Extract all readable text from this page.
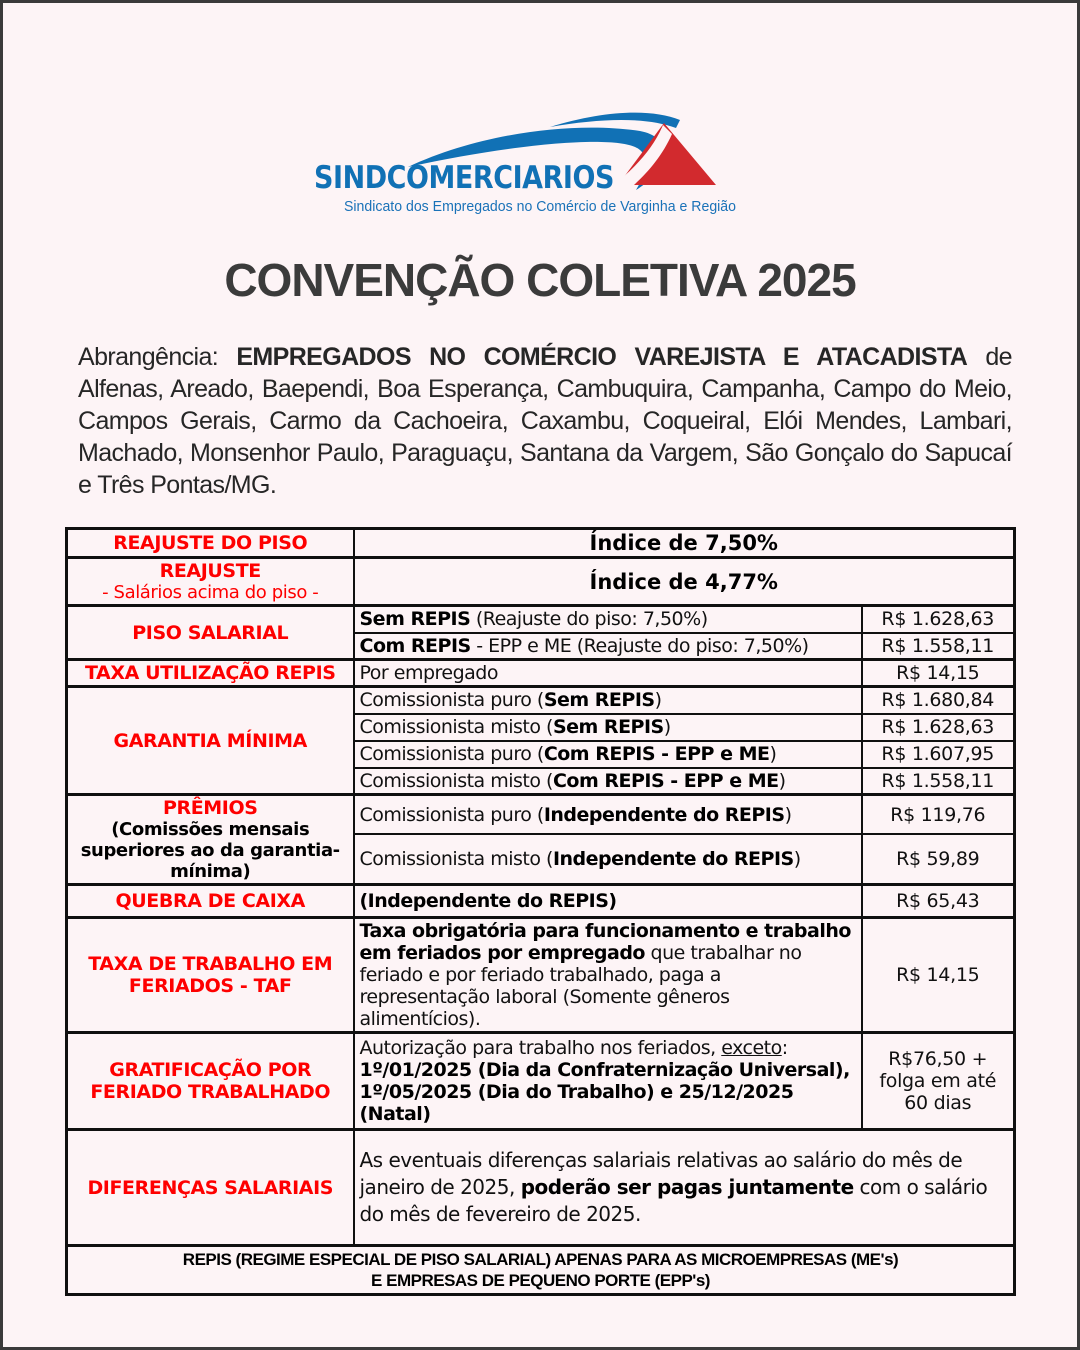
SINDCOMERCIARIOS
Sindicato dos Empregados no Comércio de Varginha e Região
CONVENÇÃO COLETIVA 2025

Abrangência: EMPREGADOS NO COMÉRCIO VAREJISTA E ATACADISTA de Alfenas, Areado, Baependi, Boa Esperança, Cambuquira, Campanha, Campo do Meio, Campos Gerais, Carmo da Cachoeira, Caxambu, Coqueiral, Elói Mendes, Lambari, Machado, Monsenhor Paulo, Paraguaçu, Santana da Vargem, São Gonçalo do Sapucaí e Três Pontas/MG.

REAJUSTE DO PISO	Índice de 7,50%	
REAJUSTE
- Salários acima do piso -	Índice de 4,77%	
PISO SALARIAL	Sem REPIS (Reajuste do piso: 7,50%)	R$ 1.628,63
	Com REPIS - EPP e ME (Reajuste do piso: 7,50%)	R$ 1.558,11
TAXA UTILIZAÇÃO REPIS	Por empregado	R$ 14,15
GARANTIA MÍNIMA	Comissionista puro (Sem REPIS)	R$ 1.680,84
	Comissionista misto (Sem REPIS)	R$ 1.628,63
	Comissionista puro (Com REPIS - EPP e ME)	R$ 1.607,95
	Comissionista misto (Com REPIS - EPP e ME)	R$ 1.558,11
PRÊMIOS
(Comissões mensais superiores ao da garantia-mínima)	Comissionista puro (Independente do REPIS)	R$ 119,76
	Comissionista misto (Independente do REPIS)	R$ 59,89
QUEBRA DE CAIXA	(Independente do REPIS)	R$ 65,43
TAXA DE TRABALHO EM FERIADOS - TAF	Taxa obrigatória para funcionamento e trabalho em feriados por empregado que trabalhar no feriado e por feriado trabalhado, paga a representação laboral (Somente gêneros alimentícios).	R$ 14,15
GRATIFICAÇÃO POR FERIADO TRABALHADO	Autorização para trabalho nos feriados, exceto: 1º/01/2025 (Dia da Confraternização Universal), 1º/05/2025 (Dia do Trabalho) e 25/12/2025 (Natal)	R$76,50 + folga em até 60 dias
DIFERENÇAS SALARIAIS	As eventuais diferenças salariais relativas ao salário do mês de janeiro de 2025, poderão ser pagas juntamente com o salário do mês de fevereiro de 2025.	

REPIS (REGIME ESPECIAL DE PISO SALARIAL) APENAS PARA AS MICROEMPRESAS (ME's)
E EMPRESAS DE PEQUENO PORTE (EPP's)		
